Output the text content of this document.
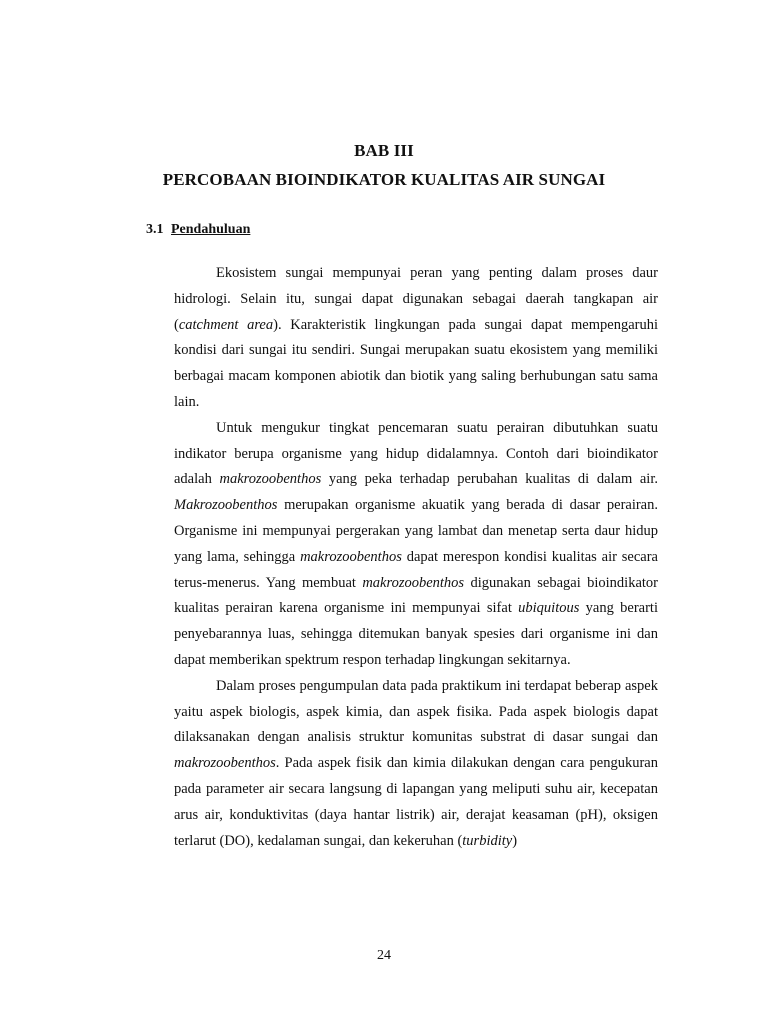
BAB III
PERCOBAAN BIOINDIKATOR KUALITAS AIR SUNGAI
3.1 Pendahuluan

Ekosistem sungai mempunyai peran yang penting dalam proses daur hidrologi. Selain itu, sungai dapat digunakan sebagai daerah tangkapan air (catchment area). Karakteristik lingkungan pada sungai dapat mempengaruhi kondisi dari sungai itu sendiri. Sungai merupakan suatu ekosistem yang memiliki berbagai macam komponen abiotik dan biotik yang saling berhubungan satu sama lain.

Untuk mengukur tingkat pencemaran suatu perairan dibutuhkan suatu indikator berupa organisme yang hidup didalamnya. Contoh dari bioindikator adalah makrozoobenthos yang peka terhadap perubahan kualitas di dalam air. Makrozoobenthos merupakan organisme akuatik yang berada di dasar perairan. Organisme ini mempunyai pergerakan yang lambat dan menetap serta daur hidup yang lama, sehingga makrozoobenthos dapat merespon kondisi kualitas air secara terus-menerus. Yang membuat makrozoobenthos digunakan sebagai bioindikator kualitas perairan karena organisme ini mempunyai sifat ubiquitous yang berarti penyebarannya luas, sehingga ditemukan banyak spesies dari organisme ini dan dapat memberikan spektrum respon terhadap lingkungan sekitarnya.

Dalam proses pengumpulan data pada praktikum ini terdapat beberap aspek yaitu aspek biologis, aspek kimia, dan aspek fisika. Pada aspek biologis dapat dilaksanakan dengan analisis struktur komunitas substrat di dasar sungai dan makrozoobenthos. Pada aspek fisik dan kimia dilakukan dengan cara pengukuran pada parameter air secara langsung di lapangan yang meliputi suhu air, kecepatan arus air, konduktivitas (daya hantar listrik) air, derajat keasaman (pH), oksigen terlarut (DO), kedalaman sungai, dan kekeruhan (turbidity)

24
